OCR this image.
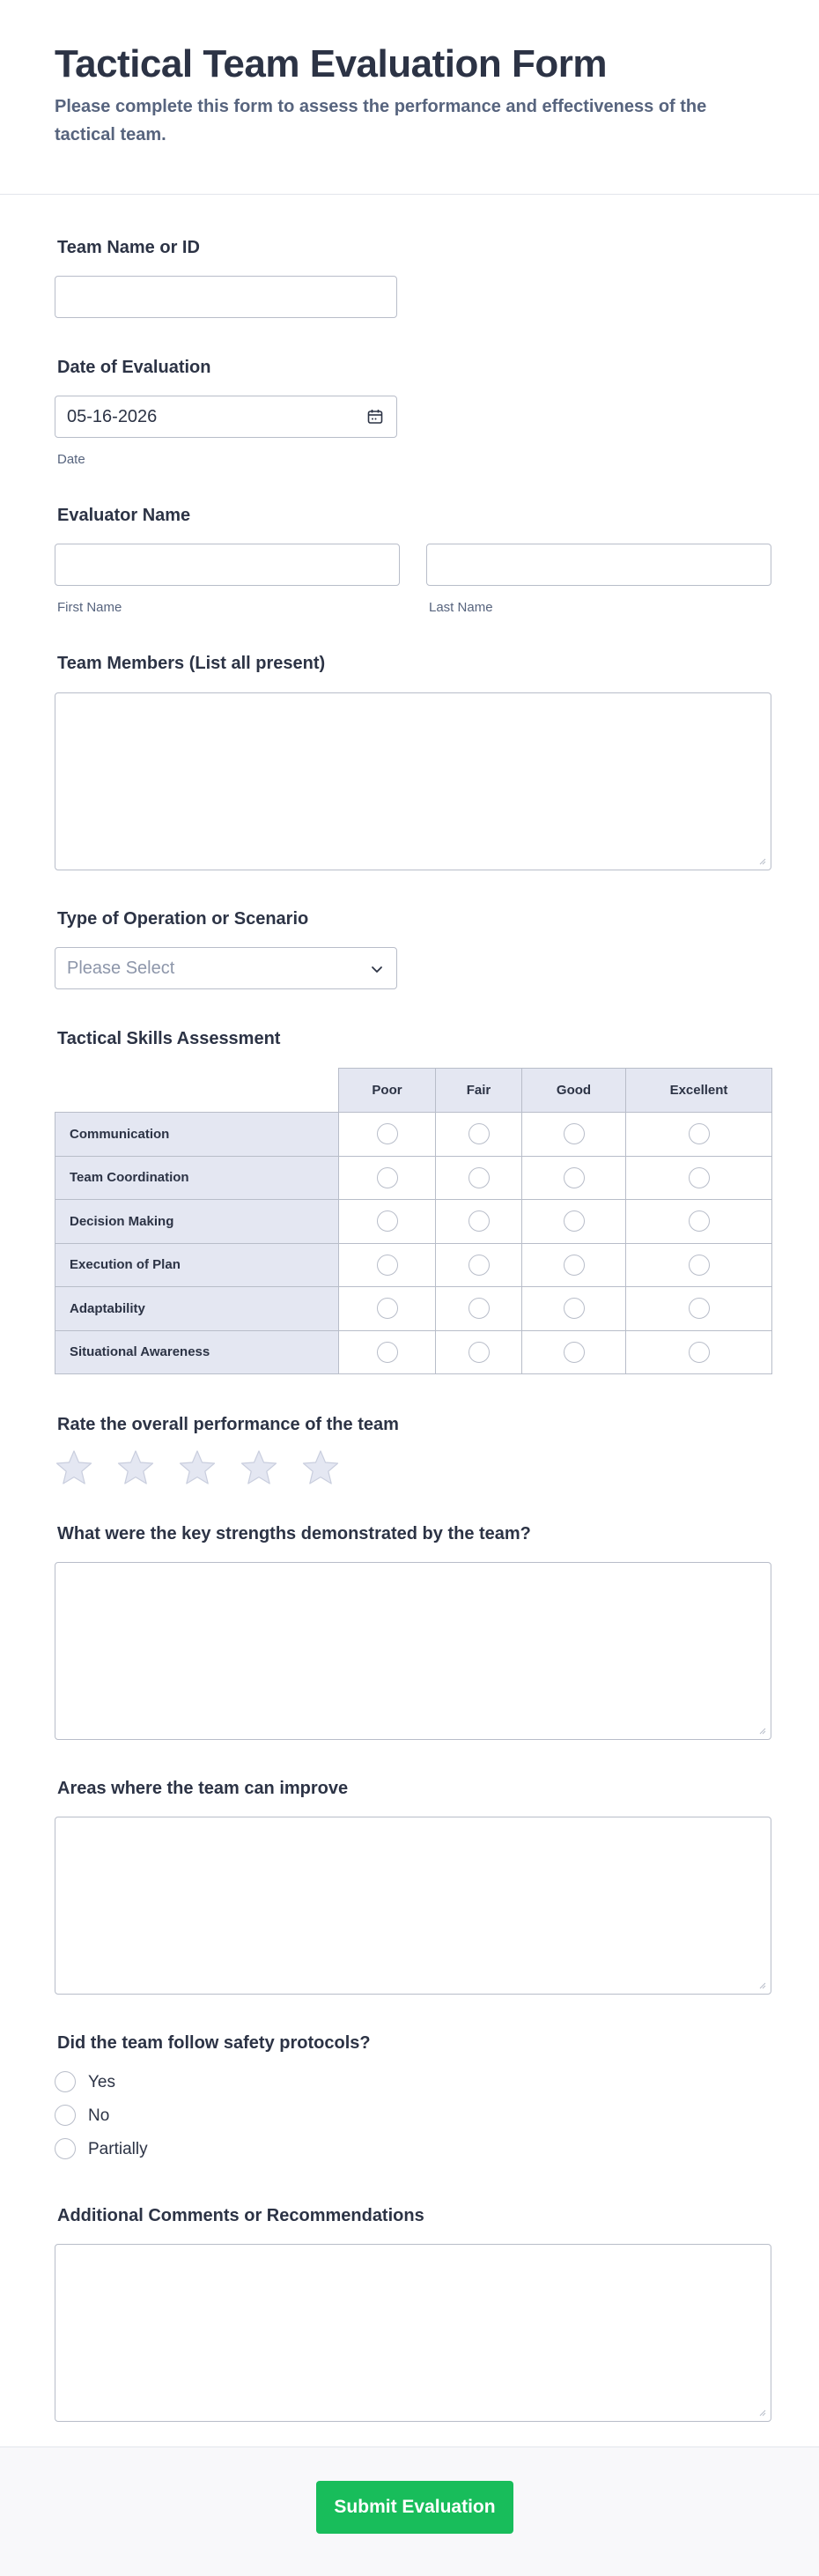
Tactical Team Evaluation Form

Please complete this form to assess the performance and effectiveness of the tactical team.

Team Name or ID
Date of Evaluation
05-16-2026
Date
Evaluator Name
First Name	Last Name
Team Members (List all present)
Type of Operation or Scenario
Please Select
Tactical Skills Assessment
	Poor	Fair	Good	Excellent
Communication				
Team Coordination				
Decision Making				
Execution of Plan				
Adaptability				
Situational Awareness				
Rate the overall performance of the team
What were the key strengths demonstrated by the team?
Areas where the team can improve
Did the team follow safety protocols?
Yes
No
Partially
Additional Comments or Recommendations
Submit Evaluation
